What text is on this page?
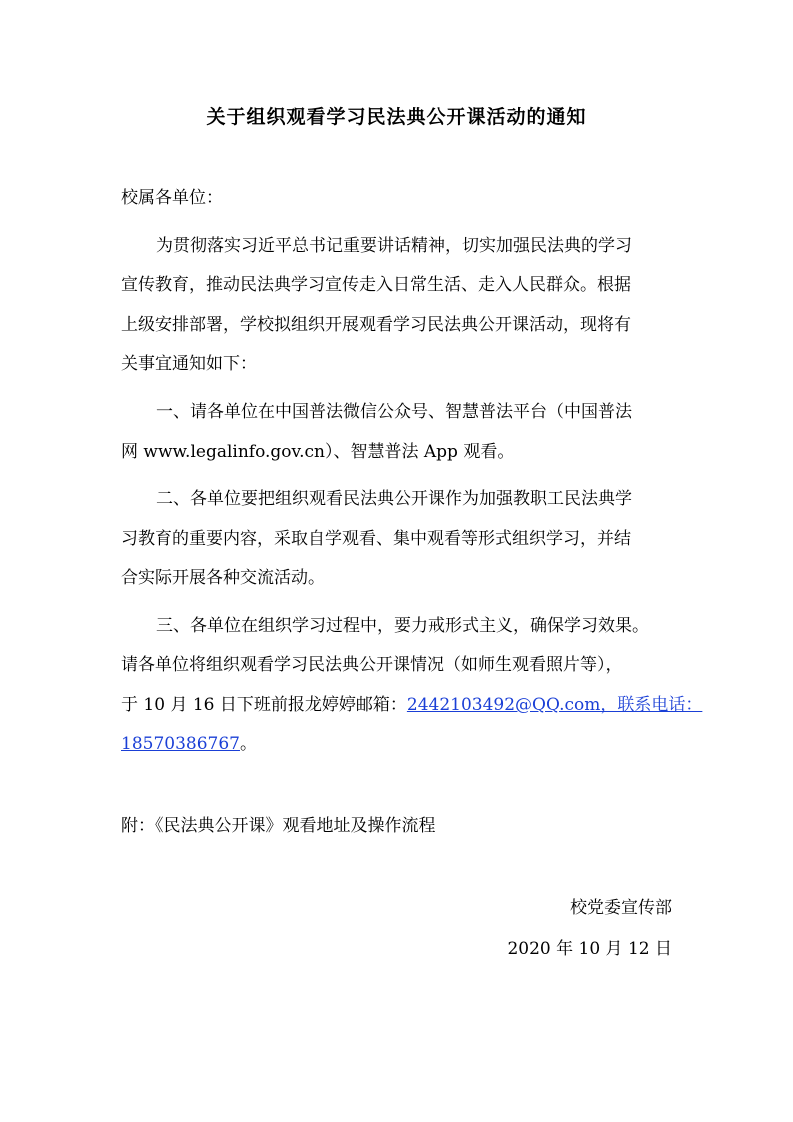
关于组织观看学习民法典公开课活动的通知
校属各单位：
为贯彻落实习近平总书记重要讲话精神，切实加强民法典的学习
宣传教育，推动民法典学习宣传走入日常生活、走入人民群众。根据
上级安排部署，学校拟组织开展观看学习民法典公开课活动，现将有
关事宜通知如下：
一、请各单位在中国普法微信公众号、智慧普法平台（中国普法
网 www.legalinfo.gov.cn）、智慧普法 App 观看。
二、各单位要把组织观看民法典公开课作为加强教职工民法典学
习教育的重要内容，采取自学观看、集中观看等形式组织学习，并结
合实际开展各种交流活动。
三、各单位在组织学习过程中，要力戒形式主义，确保学习效果。
请各单位将组织观看学习民法典公开课情况（如师生观看照片等），
于 10 月 16 日下班前报龙婷婷邮箱：2442103492@QQ.com，联系电话：
18570386767。
附：《民法典公开课》观看地址及操作流程
校党委宣传部
2020 年 10 月 12 日
